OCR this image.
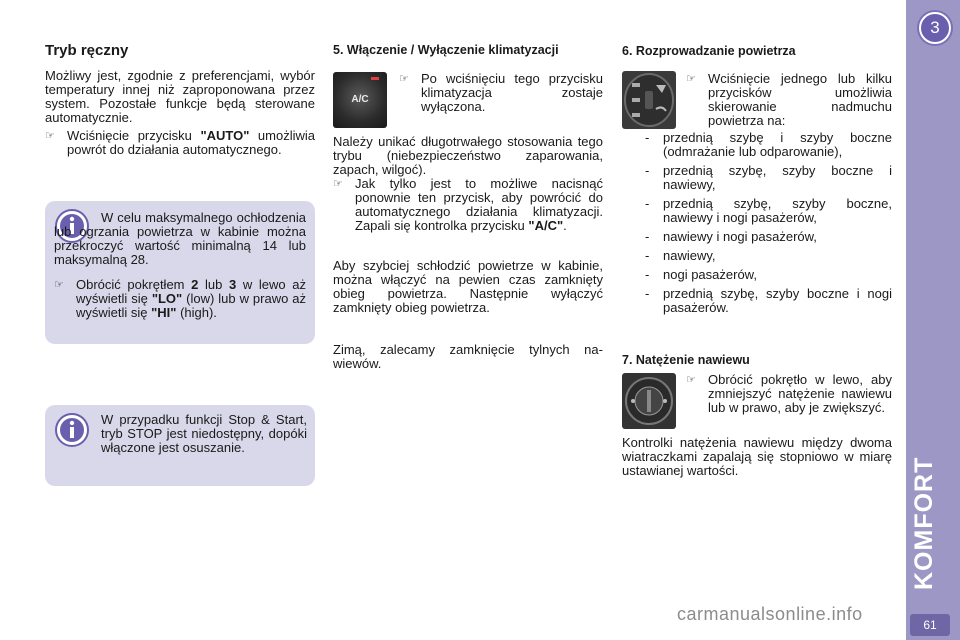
Tryb ręczny
Możliwy jest, zgodnie z preferencjami, wybór temperatury innej niż zaproponowana przez system. Pozostałe funkcje będą sterowane automatycznie.
☞ Wciśnięcie przycisku "AUTO" umożliwia powrót do działania automatycznego.
W celu maksymalnego ochłodzenia lub ogrzania powietrza w kabinie można przekroczyć wartość minimalną 14 lub maksymalną 28.
☞ Obrócić pokrętłem 2 lub 3 w lewo aż wyświetli się "LO" (low) lub w prawo aż wyświetli się "HI" (high).
W przypadku funkcji Stop & Start, tryb STOP jest niedostępny, dopóki włączone jest osuszanie.
5. Włączenie / Wyłączenie klimatyzacji
A/C
☞ Po wciśnięciu tego przycisku klimatyzacja zostaje wyłączona.
Należy unikać długotrwałego stosowania tego trybu (niebezpieczeństwo zaparowania, zapach, wilgoć).
☞ Jak tylko jest to możliwe nacisnąć ponownie ten przycisk, aby powrócić do automatycznego działania klimatyzacji. Zapali się kontrolka przycisku "A/C".
Aby szybciej schłodzić powietrze w kabinie, można włączyć na pewien czas zamknięty obieg powietrza. Następnie wyłączyć zamknięty obieg powietrza.
Zimą, zalecamy zamknięcie tylnych nawiewów.
6. Rozprowadzanie powietrza
☞ Wciśnięcie jednego lub kilku przycisków umożliwia skierowanie nadmuchu powietrza na:
-	przednią szybę i szyby boczne (odmrażanie lub odparowanie),
-	przednią szybę, szyby boczne i nawiewy,
-	przednią szybę, szyby boczne, nawiewy i nogi pasażerów,
-	nawiewy i nogi pasażerów,
-	nawiewy,
-	nogi pasażerów,
-	przednią szybę, szyby boczne i nogi pasażerów.
7. Natężenie nawiewu
☞ Obrócić pokrętło w lewo, aby zmniejszyć natężenie nawiewu lub w prawo, aby je zwiększyć.
Kontrolki natężenia nawiewu między dwoma wiatraczkami zapalają się stopniowo w miarę ustawianej wartości.
3
KOMFORT
61
carmanualsonline.info
